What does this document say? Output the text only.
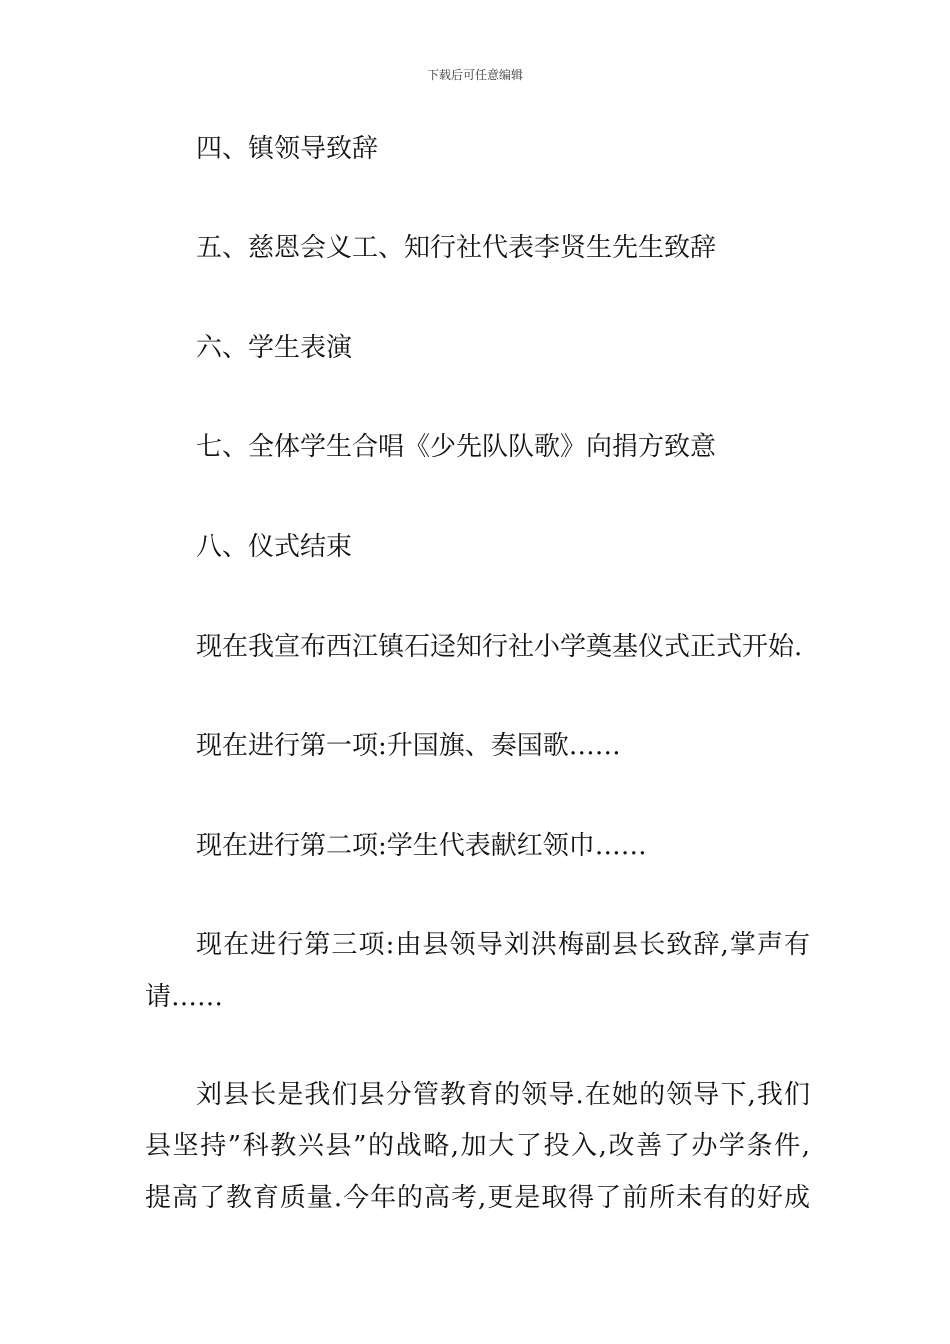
下载后可任意编辑
四、镇领导致辞
五、慈恩会义工、知行社代表李贤生先生致辞
六、学生表演
七、全体学生合唱《少先队队歌》向捐方致意
八、仪式结束
现在我宣布西江镇石迳知行社小学奠基仪式正式开始.
现在进行第一项:升国旗、奏国歌……
现在进行第二项:学生代表献红领巾……
现在进行第三项:由县领导刘洪梅副县长致辞,掌声有
请……
刘县长是我们县分管教育的领导.在她的领导下,我们
县坚持”科教兴县”的战略,加大了投入,改善了办学条件,
提高了教育质量.今年的高考,更是取得了前所未有的好成
